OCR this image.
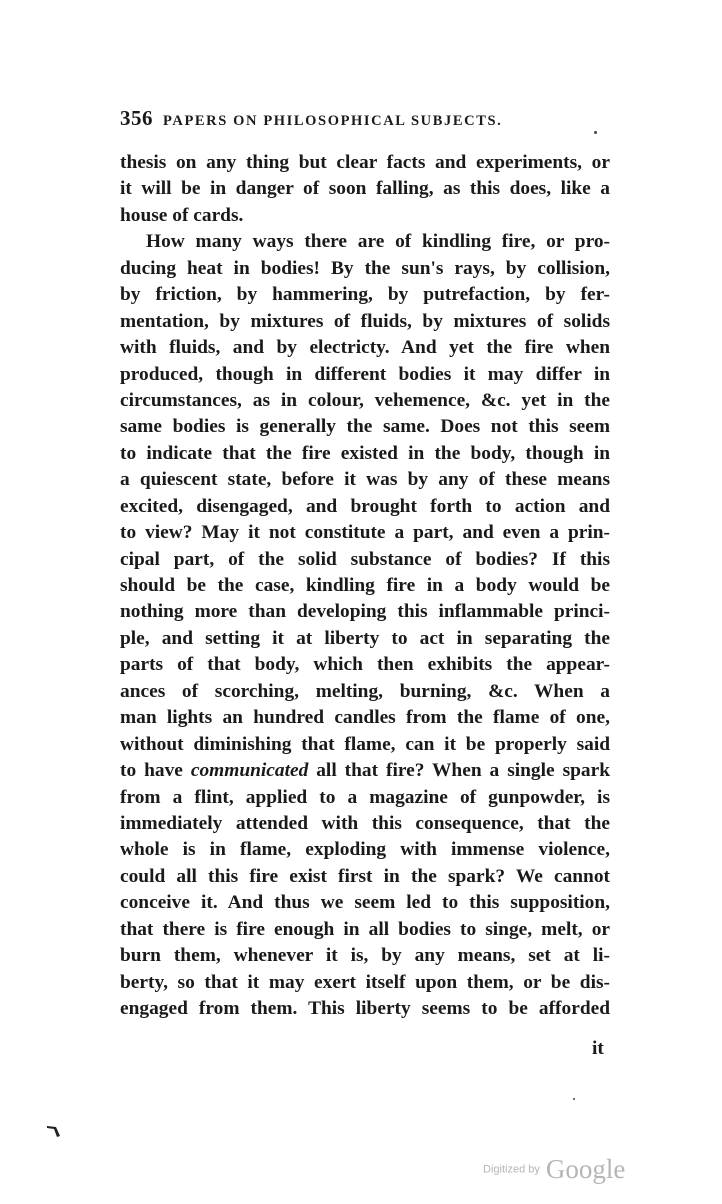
356 PAPERS ON PHILOSOPHICAL SUBJECTS.
thesis on any thing but clear facts and experiments, or
it will be in danger of soon falling, as this does, like a
house of cards.
How many ways there are of kindling fire, or pro-
ducing heat in bodies! By the sun's rays, by collision,
by friction, by hammering, by putrefaction, by fer-
mentation, by mixtures of fluids, by mixtures of solids
with fluids, and by electricty. And yet the fire when
produced, though in different bodies it may differ in
circumstances, as in colour, vehemence, &c. yet in the
same bodies is generally the same. Does not this seem
to indicate that the fire existed in the body, though in
a quiescent state, before it was by any of these means
excited, disengaged, and brought forth to action and
to view? May it not constitute a part, and even a prin-
cipal part, of the solid substance of bodies? If this
should be the case, kindling fire in a body would be
nothing more than developing this inflammable princi-
ple, and setting it at liberty to act in separating the
parts of that body, which then exhibits the appear-
ances of scorching, melting, burning, &c. When a
man lights an hundred candles from the flame of one,
without diminishing that flame, can it be properly said
to have communicated all that fire? When a single spark
from a flint, applied to a magazine of gunpowder, is
immediately attended with this consequence, that the
whole is in flame, exploding with immense violence,
could all this fire exist first in the spark? We cannot
conceive it. And thus we seem led to this supposition,
that there is fire enough in all bodies to singe, melt, or
burn them, whenever it is, by any means, set at li-
berty, so that it may exert itself upon them, or be dis-
engaged from them. This liberty seems to be afforded
it
Digitized by Google
